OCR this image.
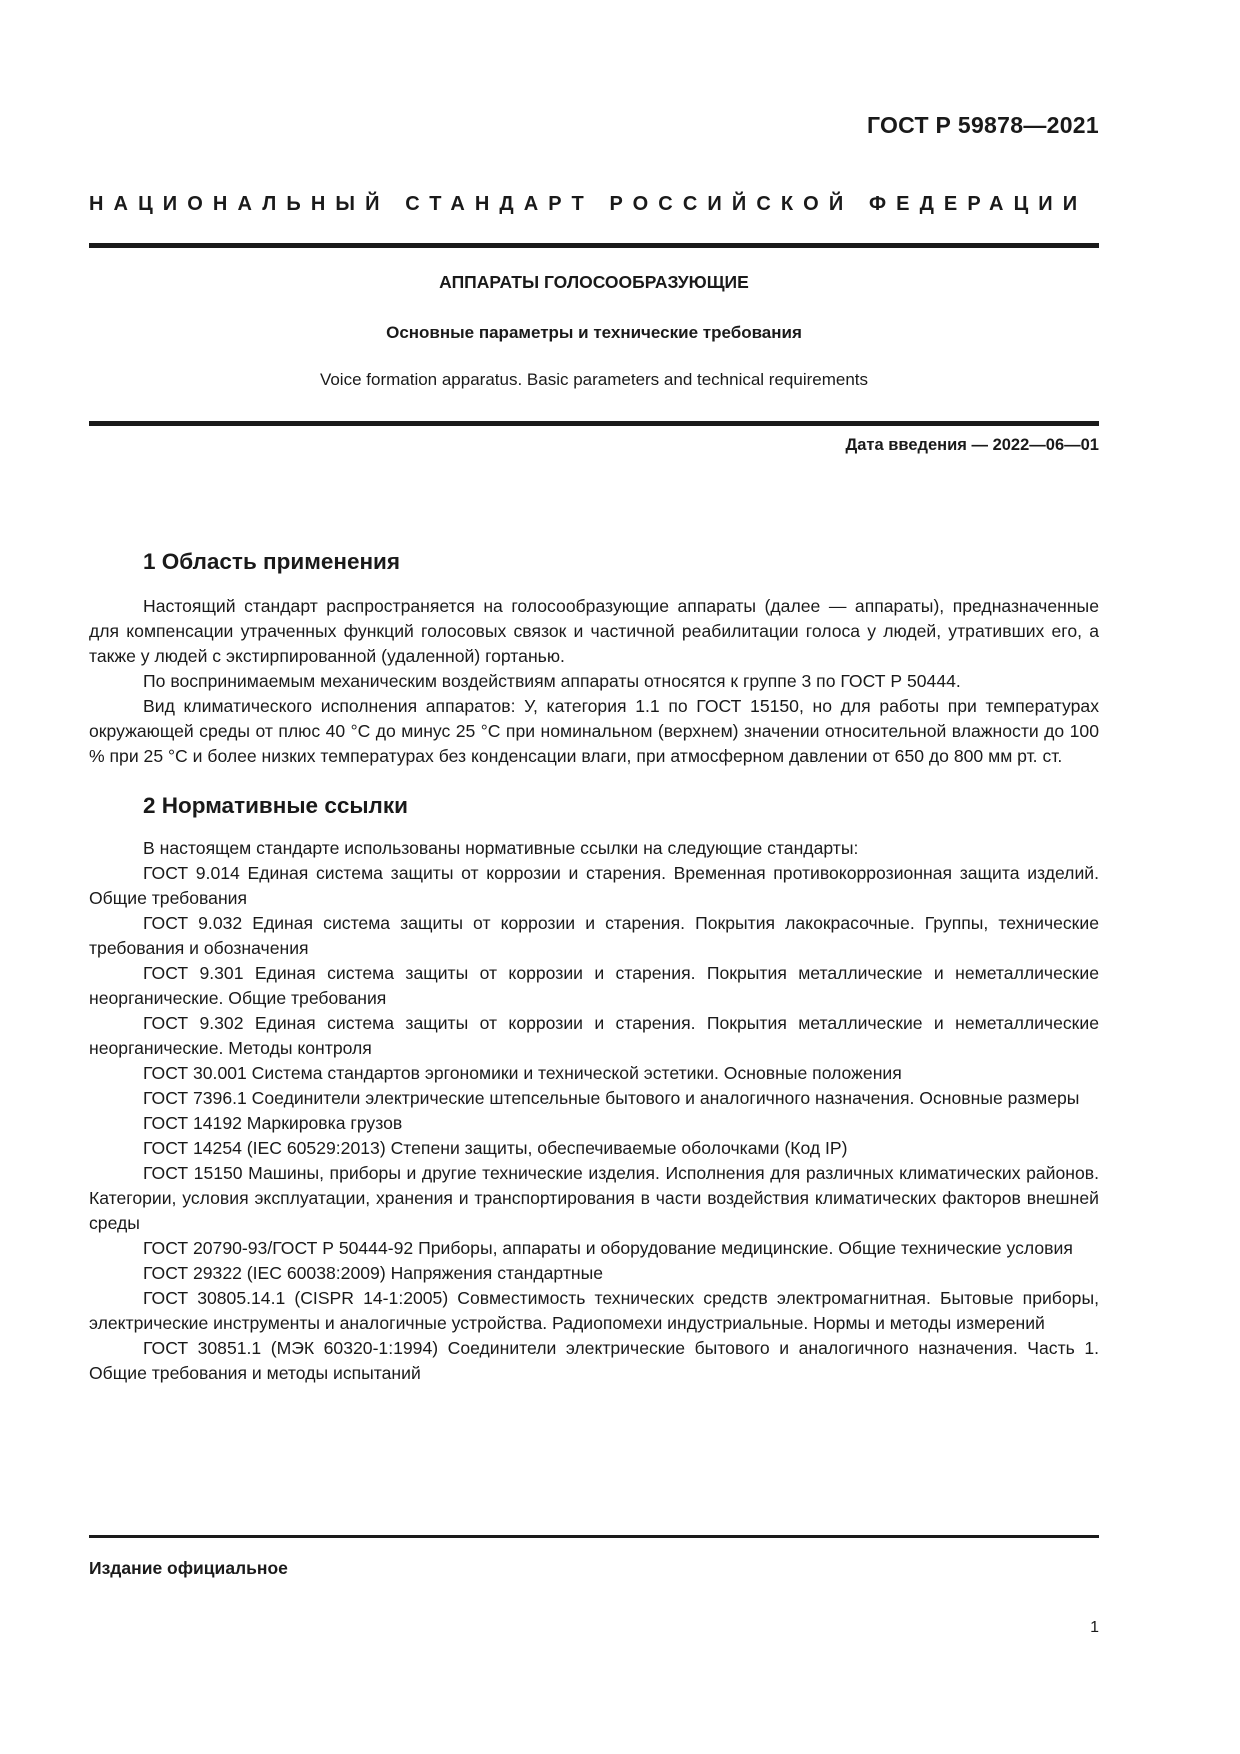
ГОСТ Р 59878—2021
НАЦИОНАЛЬНЫЙ СТАНДАРТ РОССИЙСКОЙ ФЕДЕРАЦИИ
АППАРАТЫ ГОЛОСООБРАЗУЮЩИЕ
Основные параметры и технические требования
Voice formation apparatus. Basic parameters and technical requirements
Дата введения — 2022—06—01
1 Область применения

Настоящий стандарт распространяется на голосообразующие аппараты (далее — аппараты), предназначенные для компенсации утраченных функций голосовых связок и частичной реабилитации голоса у людей, утративших его, а также у людей с экстирпированной (удаленной) гортанью.

По воспринимаемым механическим воздействиям аппараты относятся к группе 3 по ГОСТ Р 50444.

Вид климатического исполнения аппаратов: У, категория 1.1 по ГОСТ 15150, но для работы при температурах окружающей среды от плюс 40 °С до минус 25 °С при номинальном (верхнем) значении относительной влажности до 100 % при 25 °С и более низких температурах без конденсации влаги, при атмосферном давлении от 650 до 800 мм рт. ст.

2 Нормативные ссылки

В настоящем стандарте использованы нормативные ссылки на следующие стандарты:

ГОСТ 9.014 Единая система защиты от коррозии и старения. Временная противокоррозионная защита изделий. Общие требования

ГОСТ 9.032 Единая система защиты от коррозии и старения. Покрытия лакокрасочные. Группы, технические требования и обозначения

ГОСТ 9.301 Единая система защиты от коррозии и старения. Покрытия металлические и неметаллические неорганические. Общие требования

ГОСТ 9.302 Единая система защиты от коррозии и старения. Покрытия металлические и неметаллические неорганические. Методы контроля

ГОСТ 30.001 Система стандартов эргономики и технической эстетики. Основные положения

ГОСТ 7396.1 Соединители электрические штепсельные бытового и аналогичного назначения. Основные размеры

ГОСТ 14192 Маркировка грузов

ГОСТ 14254 (IEC 60529:2013) Степени защиты, обеспечиваемые оболочками (Код IP)

ГОСТ 15150 Машины, приборы и другие технические изделия. Исполнения для различных климатических районов. Категории, условия эксплуатации, хранения и транспортирования в части воздействия климатических факторов внешней среды

ГОСТ 20790-93/ГОСТ Р 50444-92 Приборы, аппараты и оборудование медицинские. Общие технические условия

ГОСТ 29322 (IEC 60038:2009) Напряжения стандартные

ГОСТ 30805.14.1 (CISPR 14-1:2005) Совместимость технических средств электромагнитная. Бытовые приборы, электрические инструменты и аналогичные устройства. Радиопомехи индустриальные. Нормы и методы измерений

ГОСТ 30851.1 (МЭК 60320-1:1994) Соединители электрические бытового и аналогичного назначения. Часть 1. Общие требования и методы испытаний

Издание официальное
1
